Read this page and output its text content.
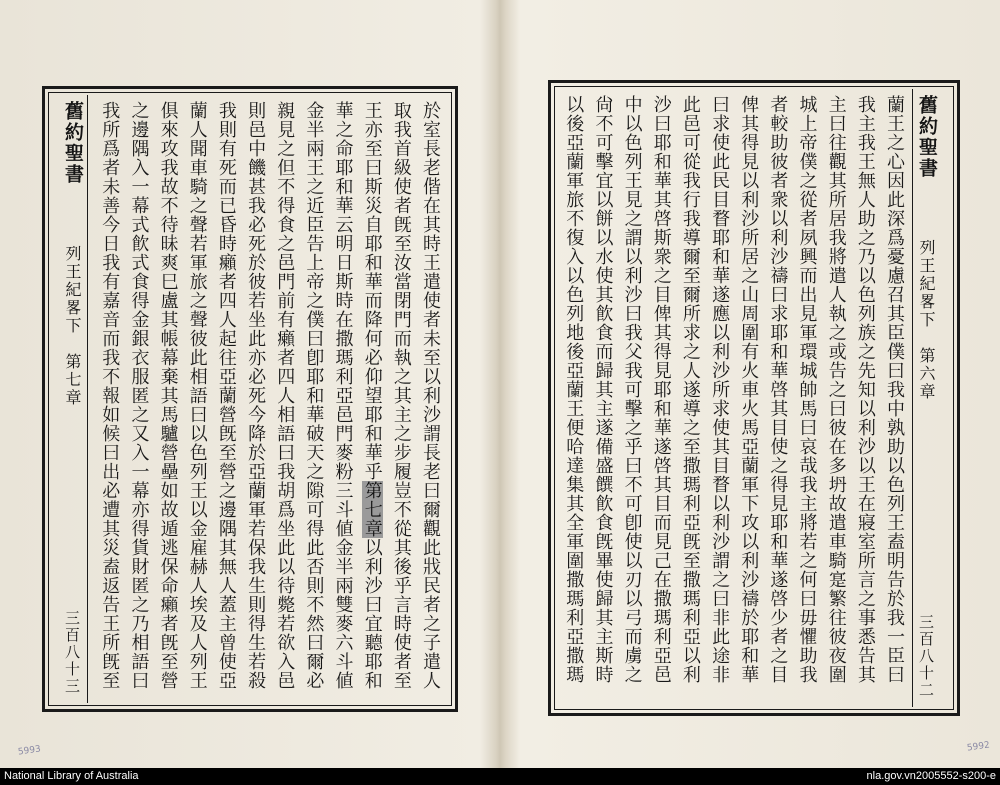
舊約聖書
列王紀畧下　第七章
三百八十三	於室長老偕在其時王遣使者未至以利沙謂長老曰爾觀此戕民者之子遣人取我首級使者旣至汝當閉門而執之其主之步履豈不從其後乎言時使者至王亦至曰斯災自耶和華而降何必仰望耶和華乎第七章以利沙曰宜聽耶和華之命耶和華云明日斯時在撒瑪利亞邑門麥粉三斗値金半兩雙麥六斗値金半兩王之近臣告上帝之僕曰卽耶和華破天之隙可得此否則不然曰爾必親見之但不得食之邑門前有癩者四人相語曰我胡爲坐此以待斃若欲入邑則邑中饑甚我必死於彼若坐此亦必死今降於亞蘭軍若保我生則得生若殺我則有死而已昏時癩者四人起往亞蘭營旣至營之邊隅其無人蓋主曾使亞蘭人聞車騎之聲若軍旅之聲彼此相語曰以色列王以金雇赫人埃及人列王俱來攻我故不待昧爽巳盧其帳幕棄其馬驢營壘如故遁逃保命癩者旣至營之邊隅入一幕式飮式食得金銀衣服匿之又入一幕亦得貨財匿之乃相語曰我所爲者未善今日我有嘉音而我不報如候曰出必遭其災盍返告王所旣至
5993
舊約聖書
列王紀畧下　第六章
三百八十二
蘭王之心因此深爲憂慮召其臣僕曰我中孰助以色列王盍明告於我一臣曰我主我王無人助之乃以色列族之先知以利沙以王在寢室所言之事悉告其主曰往觀其所居我將遣人執之或告之曰彼在多坍故遣車騎寔繁往彼夜圍城上帝僕之從者夙興而出見軍環城帥馬曰哀哉我主將若之何曰毋懼助我者較助彼者衆以利沙禱曰求耶和華啓其目使之得見耶和華遂啓少者之目俾其得見以利沙所居之山周圍有火車火馬亞蘭軍下攻以利沙禱於耶和華曰求使此民目瞀耶和華遂應以利沙所求使其目瞀以利沙謂之曰非此途非此邑可從我行我導爾至爾所求之人遂導之至撒瑪利亞旣至撒瑪利亞以利沙曰耶和華其啓斯衆之目俾其得見耶和華遂啓其目而見己在撒瑪利亞邑中以色列王見之謂以利沙曰我父我可擊之乎曰不可卽使以刃以弓而虜之尙不可擊宜以餅以水使其飮食而歸其主遂備盛饌飮食旣畢使歸其主斯時以後亞蘭軍旅不復入以色列地後亞蘭王便哈達集其全軍圍撒瑪利亞撒瑪
5992
National Library of Australia	nla.gov.vn2005552-s200-e
